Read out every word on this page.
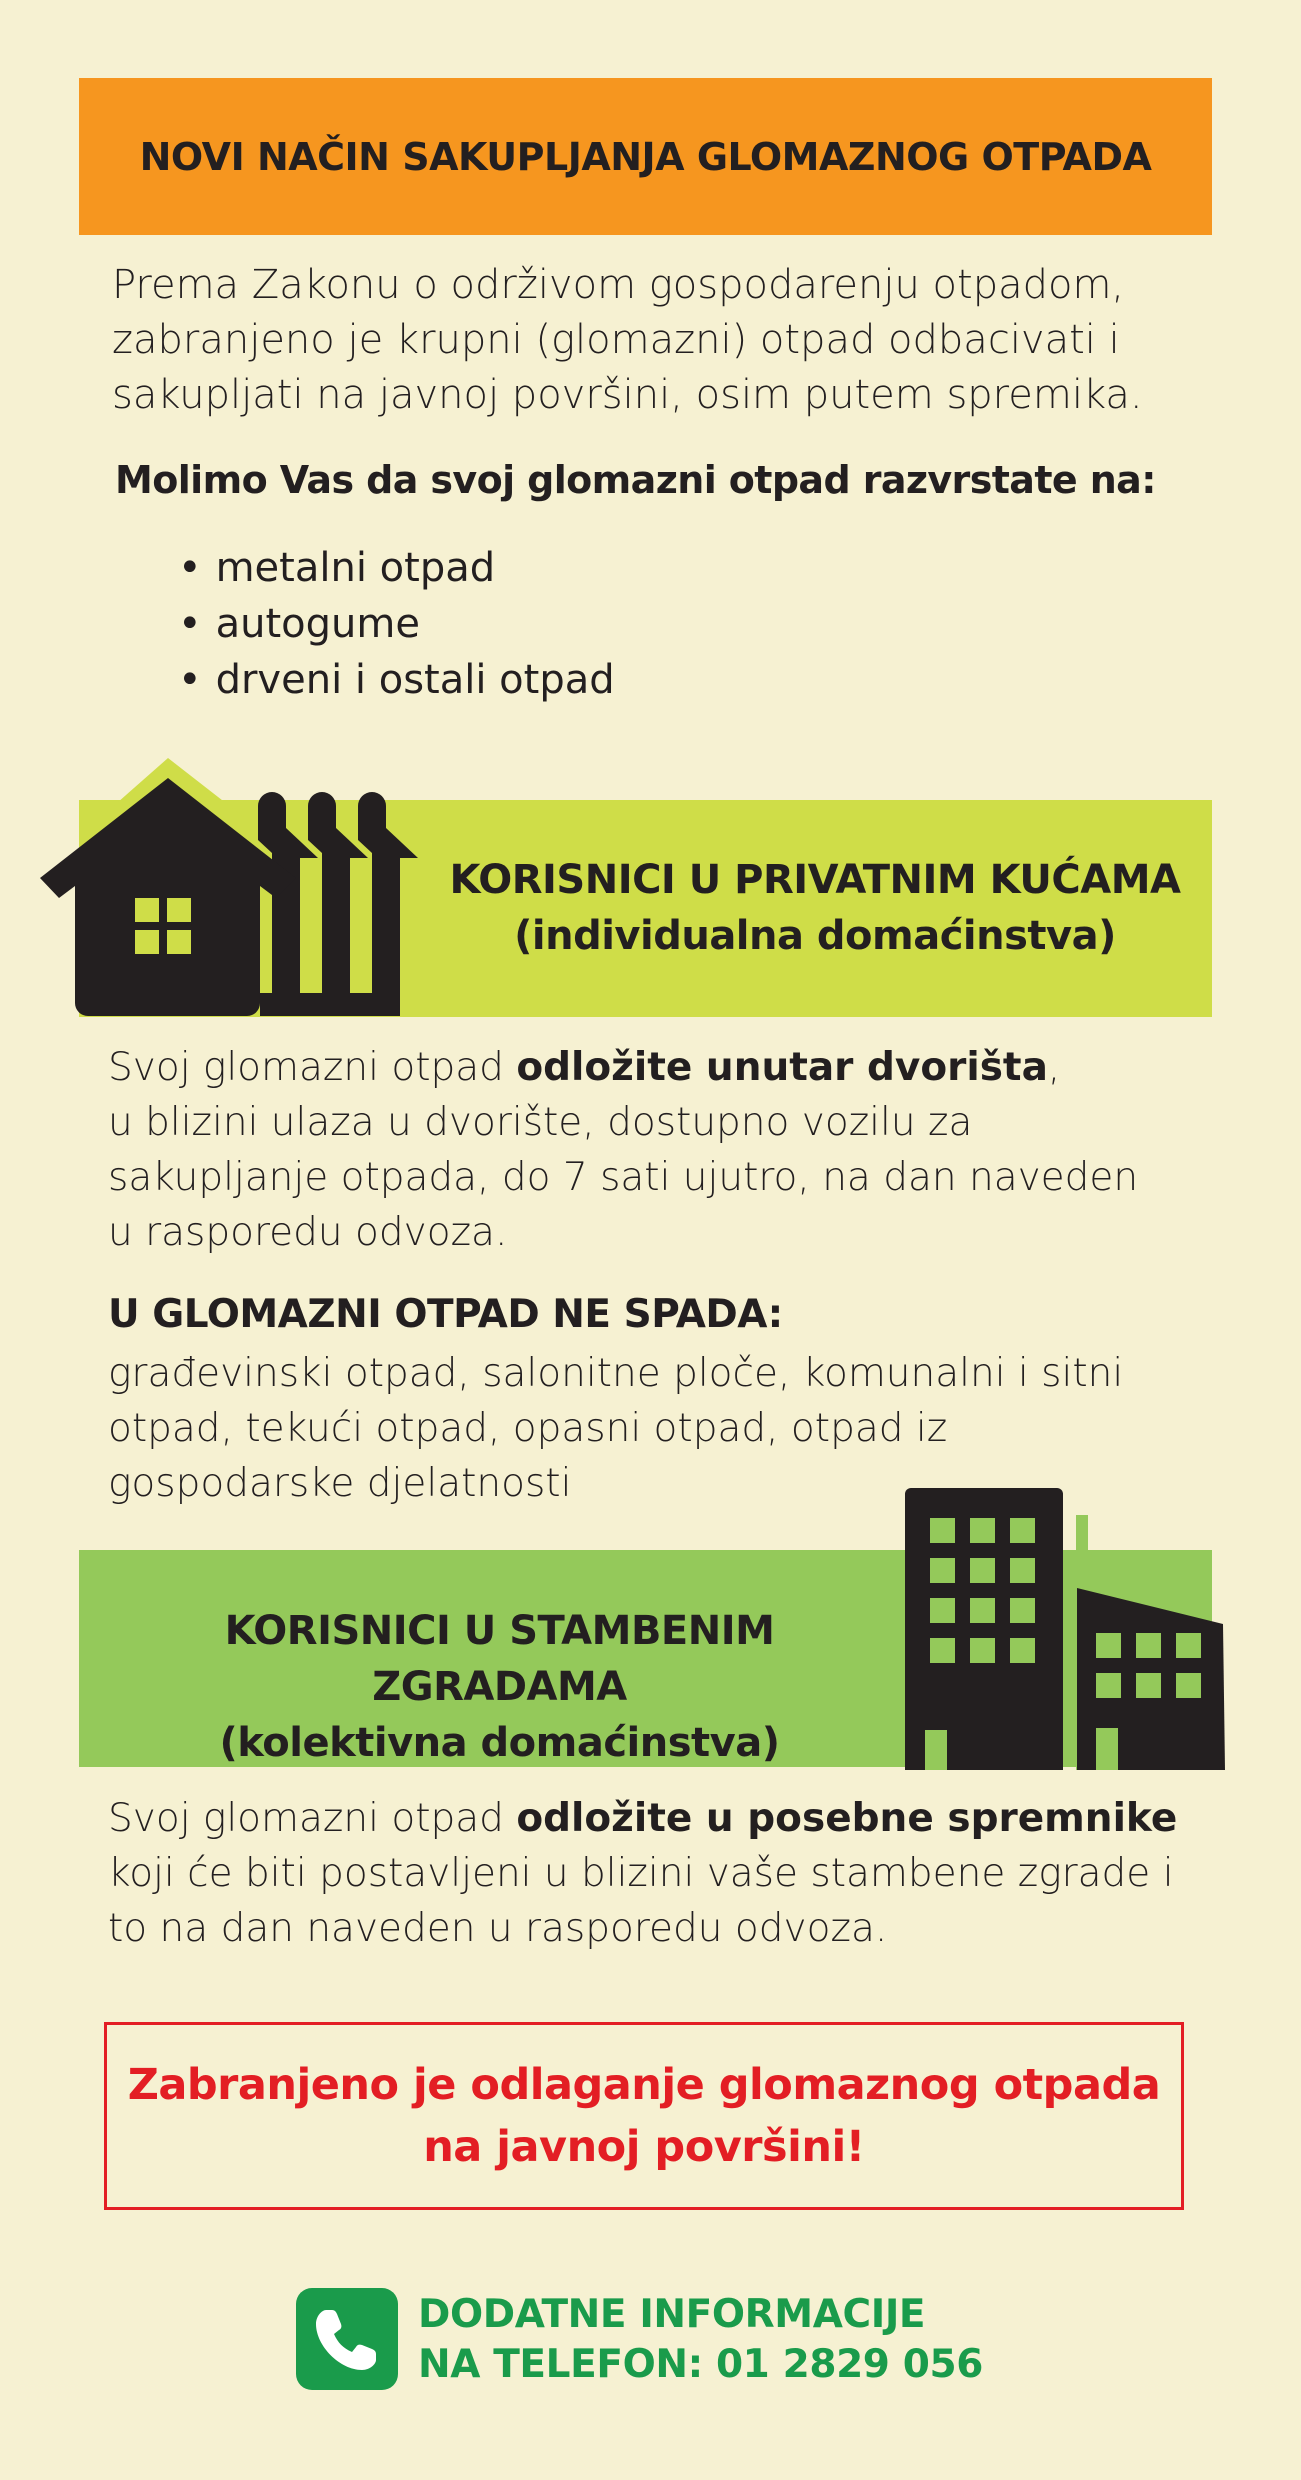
NOVI NAČIN SAKUPLJANJA GLOMAZNOG OTPADA
Prema Zakonu o održivom gospodarenju otpadom,
zabranjeno je krupni (glomazni) otpad odbacivati i
sakupljati na javnoj površini, osim putem spremika.
Molimo Vas da svoj glomazni otpad razvrstate na:
• metalni otpad
• autogume
• drveni i ostali otpad
KORISNICI U PRIVATNIM KUĆAMA
(individualna domaćinstva)
Svoj glomazni otpad odložite unutar dvorišta,
u blizini ulaza u dvorište, dostupno vozilu za
sakupljanje otpada, do 7 sati ujutro, na dan naveden
u rasporedu odvoza.
U GLOMAZNI OTPAD NE SPADA:
građevinski otpad, salonitne ploče, komunalni i sitni
otpad, tekući otpad, opasni otpad, otpad iz
gospodarske djelatnosti
KORISNICI U STAMBENIM ZGRADAMA
(kolektivna domaćinstva)
Svoj glomazni otpad odložite u posebne spremnike
koji će biti postavljeni u blizini vaše stambene zgrade i
to na dan naveden u rasporedu odvoza.
Zabranjeno je odlaganje glomaznog otpada
na javnoj površini!
DODATNE INFORMACIJE
NA TELEFON: 01 2829 056
